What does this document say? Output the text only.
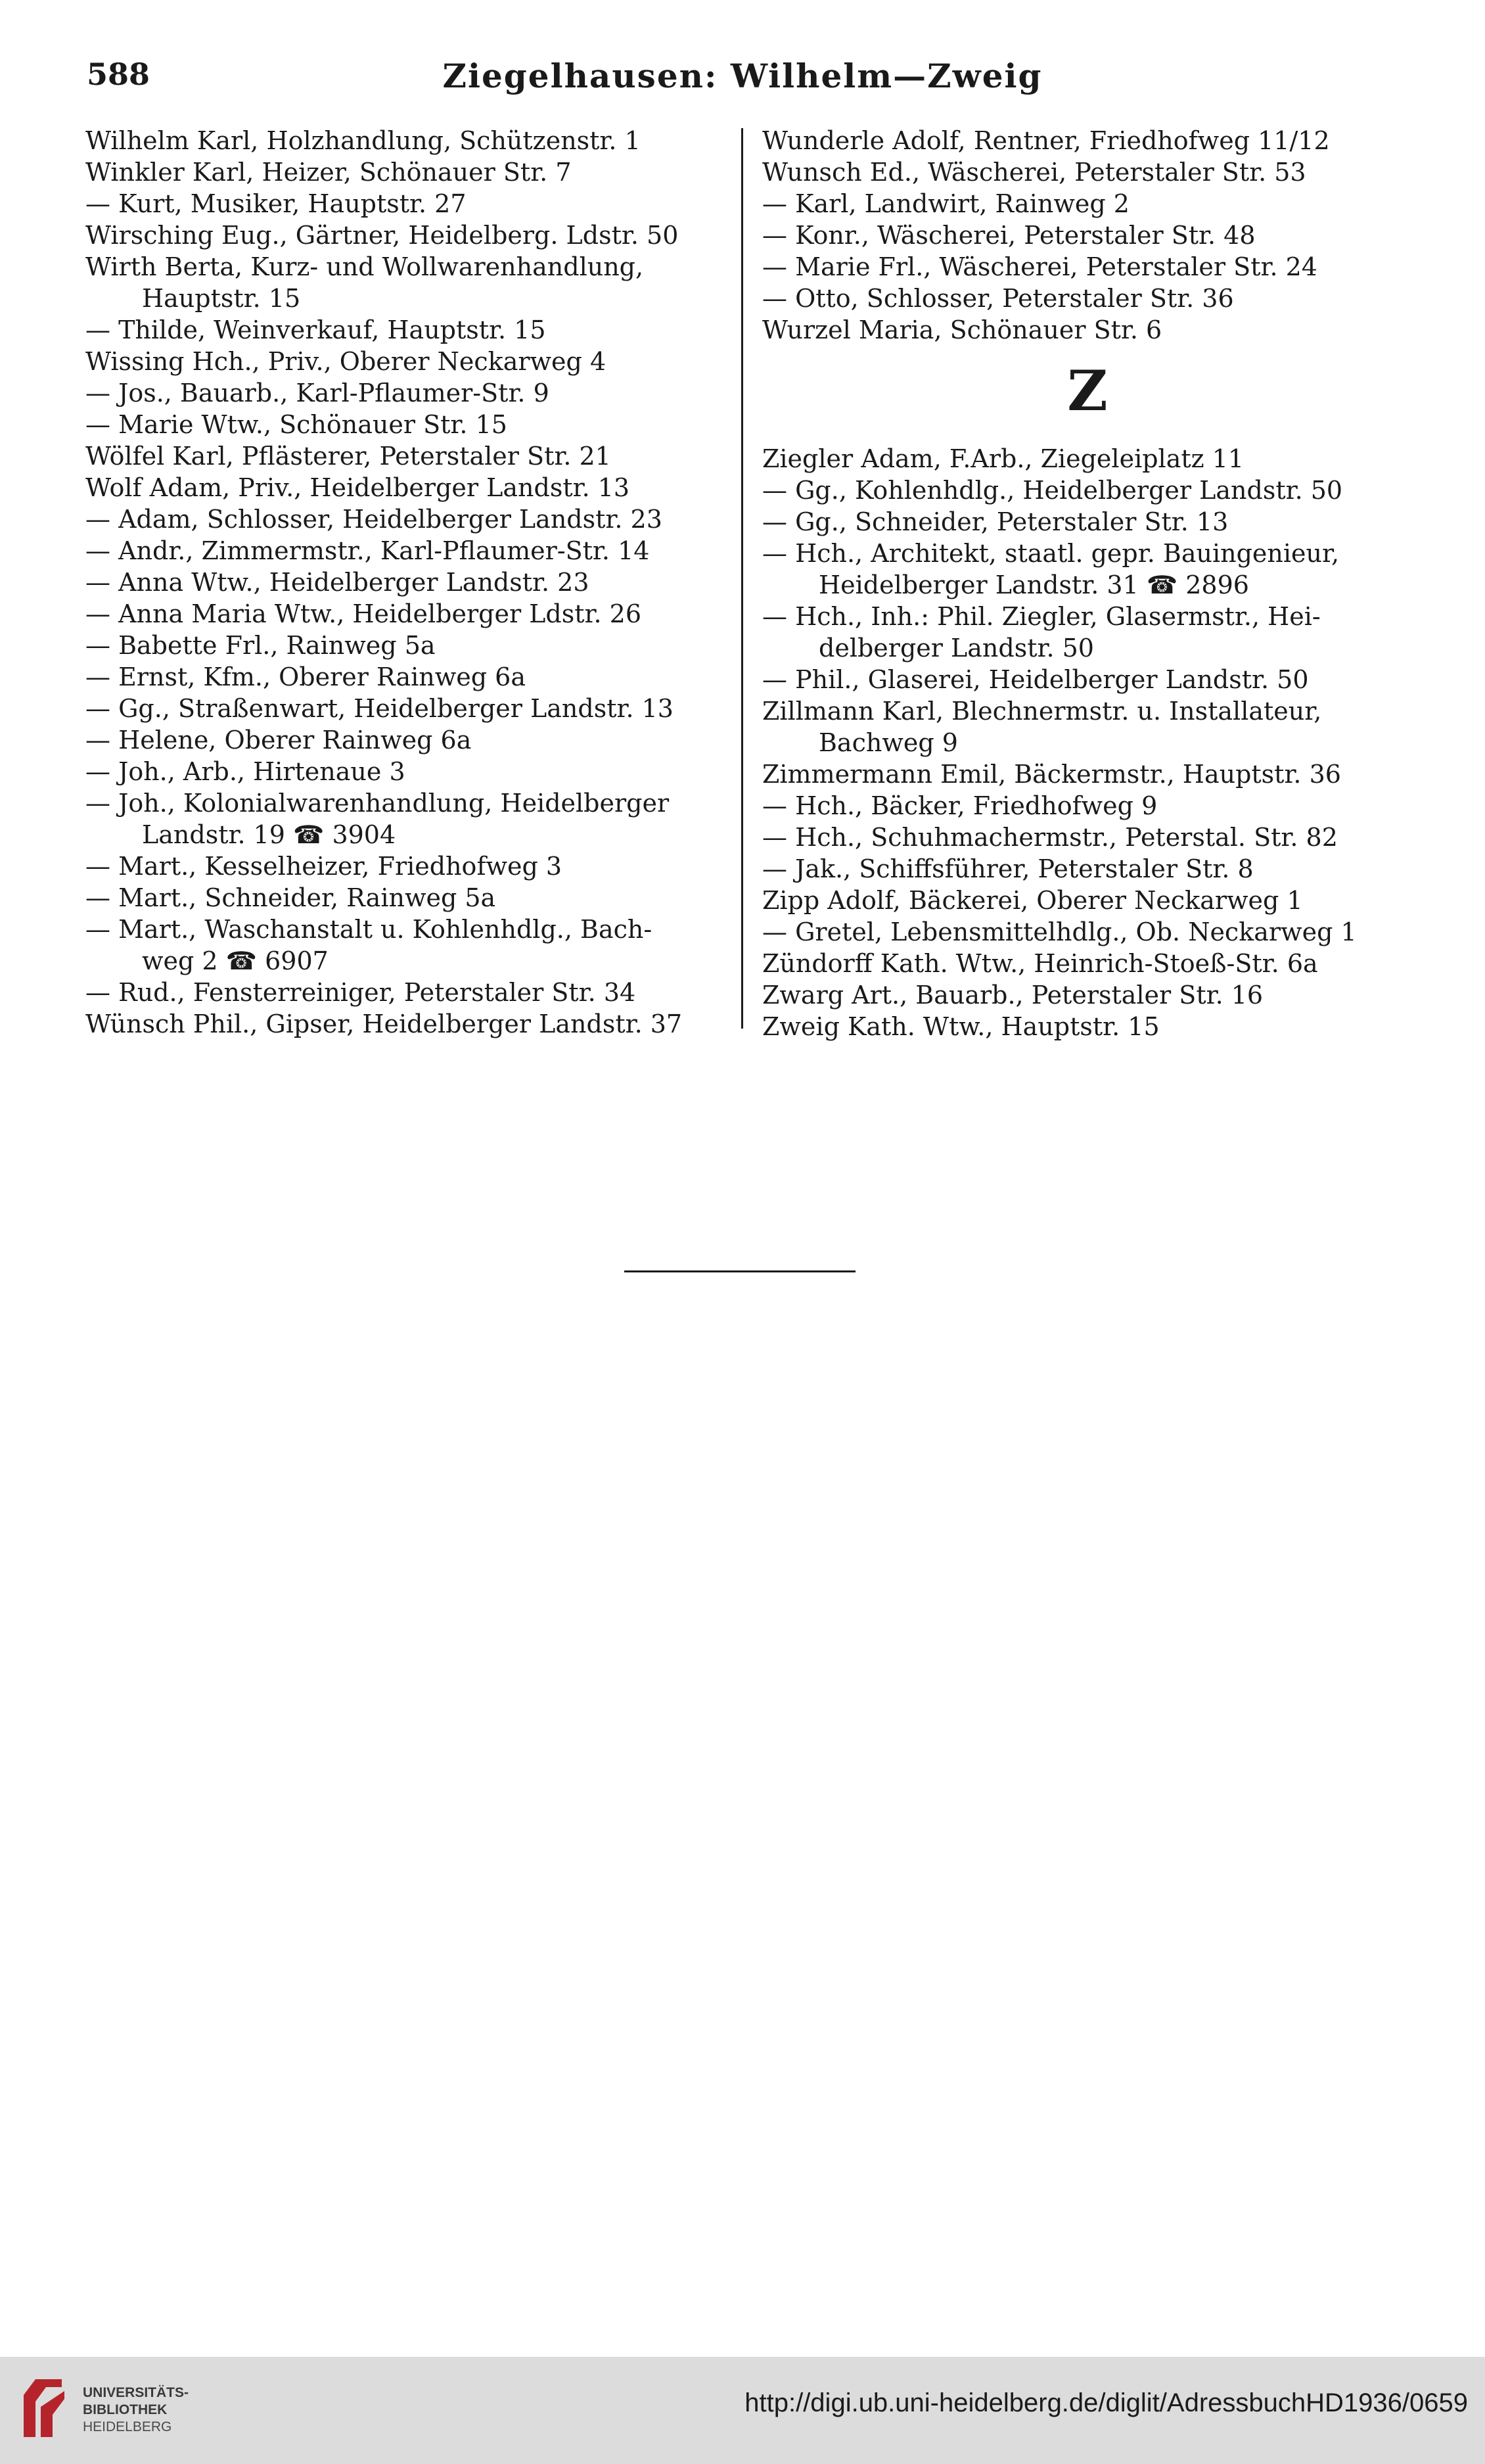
588	Ziegelhausen: Wilhelm—Zweig
Wilhelm Karl, Holzhandlung, Schützenstr. 1
Winkler Karl, Heizer, Schönauer Str. 7
— Kurt, Musiker, Hauptstr. 27
Wirsching Eug., Gärtner, Heidelberg. Ldstr. 50
Wirth Berta, Kurz- und Wollwarenhandlung,
Hauptstr. 15
— Thilde, Weinverkauf, Hauptstr. 15
Wissing Hch., Priv., Oberer Neckarweg 4
— Jos., Bauarb., Karl-Pflaumer-Str. 9
— Marie Wtw., Schönauer Str. 15
Wölfel Karl, Pflästerer, Peterstaler Str. 21
Wolf Adam, Priv., Heidelberger Landstr. 13
— Adam, Schlosser, Heidelberger Landstr. 23
— Andr., Zimmermstr., Karl-Pflaumer-Str. 14
— Anna Wtw., Heidelberger Landstr. 23
— Anna Maria Wtw., Heidelberger Ldstr. 26
— Babette Frl., Rainweg 5a
— Ernst, Kfm., Oberer Rainweg 6a
— Gg., Straßenwart, Heidelberger Landstr. 13
— Helene, Oberer Rainweg 6a
— Joh., Arb., Hirtenaue 3
— Joh., Kolonialwarenhandlung, Heidelberger
Landstr. 19 ☎ 3904
— Mart., Kesselheizer, Friedhofweg 3
— Mart., Schneider, Rainweg 5a
— Mart., Waschanstalt u. Kohlenhdlg., Bach-
weg 2 ☎ 6907
— Rud., Fensterreiniger, Peterstaler Str. 34
Wünsch Phil., Gipser, Heidelberger Landstr. 37
Wunderle Adolf, Rentner, Friedhofweg 11/12
Wunsch Ed., Wäscherei, Peterstaler Str. 53
— Karl, Landwirt, Rainweg 2
— Konr., Wäscherei, Peterstaler Str. 48
— Marie Frl., Wäscherei, Peterstaler Str. 24
— Otto, Schlosser, Peterstaler Str. 36
Wurzel Maria, Schönauer Str. 6
Z
Ziegler Adam, F.Arb., Ziegeleiplatz 11
— Gg., Kohlenhdlg., Heidelberger Landstr. 50
— Gg., Schneider, Peterstaler Str. 13
— Hch., Architekt, staatl. gepr. Bauingenieur,
Heidelberger Landstr. 31 ☎ 2896
— Hch., Inh.: Phil. Ziegler, Glasermstr., Hei-
delberger Landstr. 50
— Phil., Glaserei, Heidelberger Landstr. 50
Zillmann Karl, Blechnermstr. u. Installateur,
Bachweg 9
Zimmermann Emil, Bäckermstr., Hauptstr. 36
— Hch., Bäcker, Friedhofweg 9
— Hch., Schuhmachermstr., Peterstal. Str. 82
— Jak., Schiffsführer, Peterstaler Str. 8
Zipp Adolf, Bäckerei, Oberer Neckarweg 1
— Gretel, Lebensmittelhdlg., Ob. Neckarweg 1
Zündorff Kath. Wtw., Heinrich-Stoeß-Str. 6a
Zwarg Art., Bauarb., Peterstaler Str. 16
Zweig Kath. Wtw., Hauptstr. 15
UNIVERSITÄTS-
BIBLIOTHEK
HEIDELBERG
http://digi.ub.uni-heidelberg.de/diglit/AdressbuchHD1936/0659
